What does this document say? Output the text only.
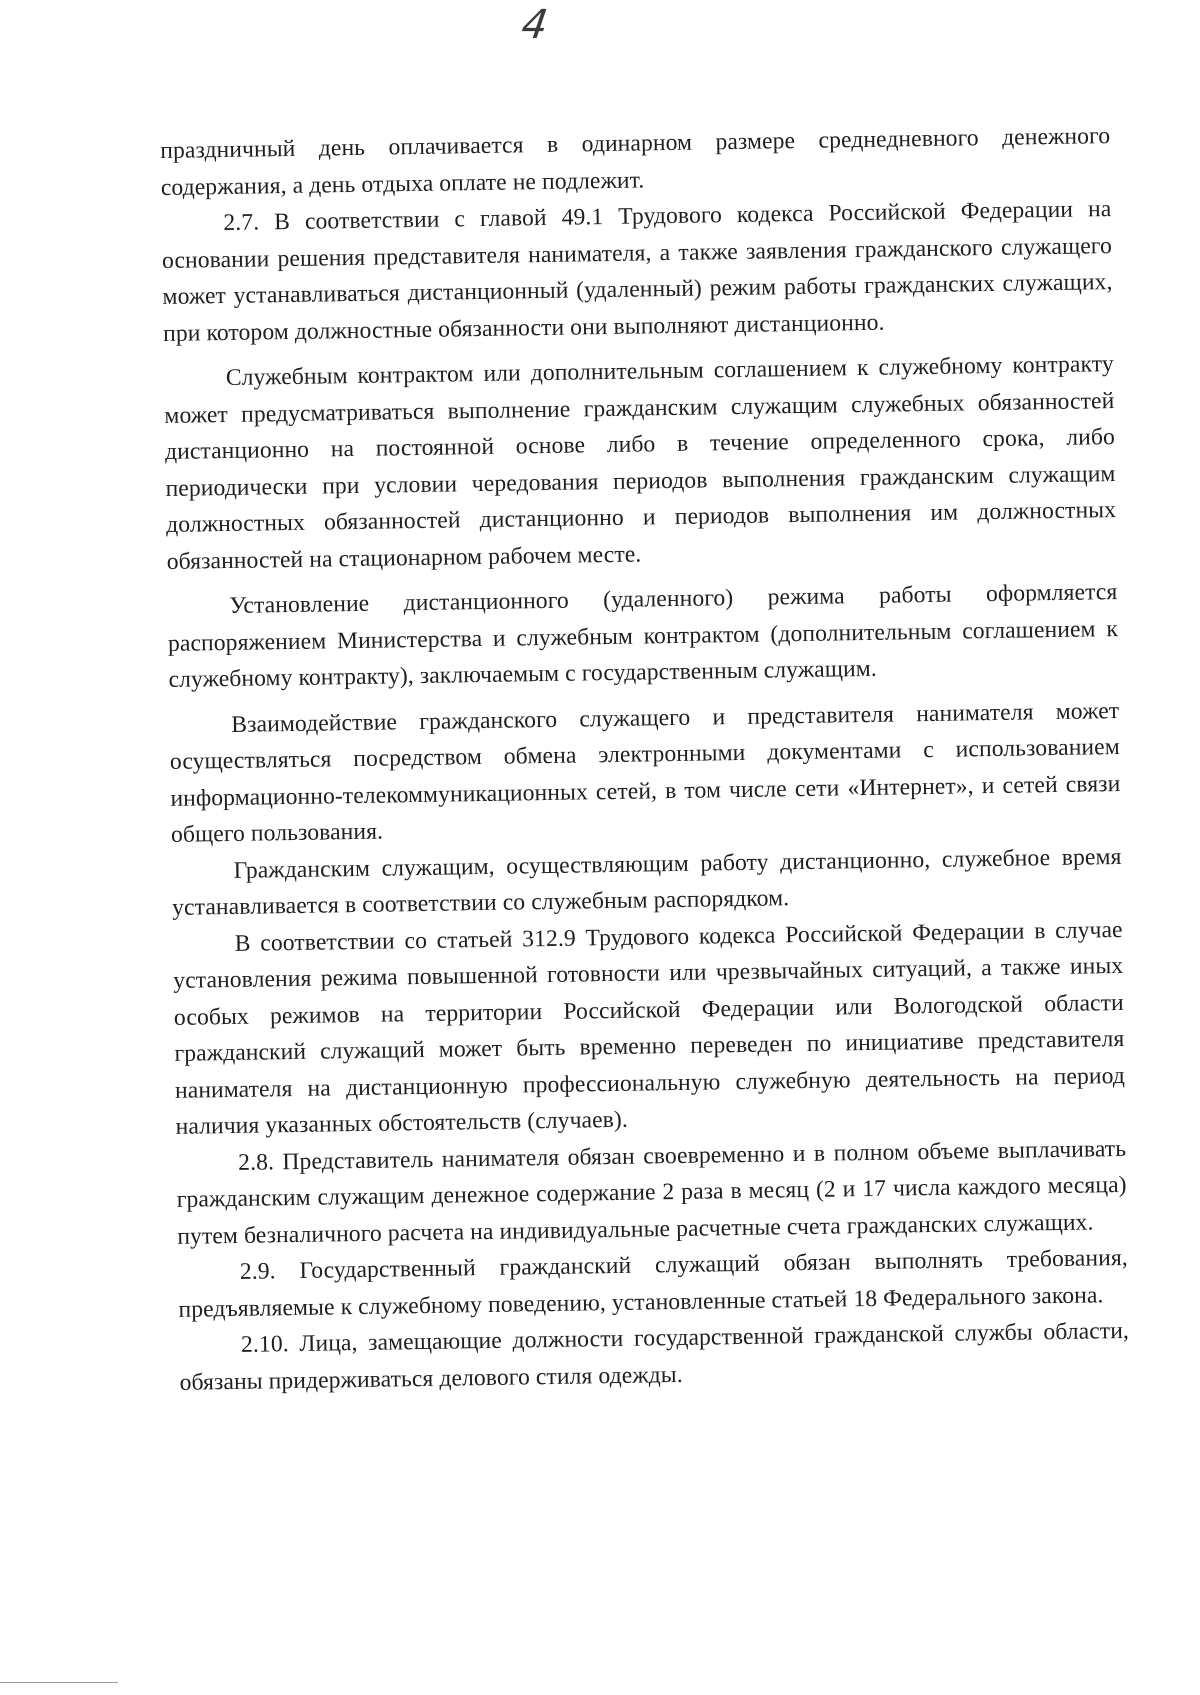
4

праздничный день оплачивается в одинарном размере среднедневного денежного содержания, а день отдыха оплате не подлежит.

2.7. В соответствии с главой 49.1 Трудового кодекса Российской Федерации на основании решения представителя нанимателя, а также заявления гражданского служащего может устанавливаться дистанционный (удаленный) режим работы гражданских служащих, при котором должностные обязанности они выполняют дистанционно.

Служебным контрактом или дополнительным соглашением к служебному контракту может предусматриваться выполнение гражданским служащим служебных обязанностей дистанционно на постоянной основе либо в течение определенного срока, либо периодически при условии чередования периодов выполнения гражданским служащим должностных обязанностей дистанционно и периодов выполнения им должностных обязанностей на стационарном рабочем месте.

Установление дистанционного (удаленного) режима работы оформляется распоряжением Министерства и служебным контрактом (дополнительным соглашением к служебному контракту), заключаемым с государственным служащим.

Взаимодействие гражданского служащего и представителя нанимателя может осуществляться посредством обмена электронными документами с использованием информационно-телекоммуникационных сетей, в том числе сети «Интернет», и сетей связи общего пользования.

Гражданским служащим, осуществляющим работу дистанционно, служебное время устанавливается в соответствии со служебным распорядком.

В соответствии со статьей 312.9 Трудового кодекса Российской Федерации в случае установления режима повышенной готовности или чрезвычайных ситуаций, а также иных особых режимов на территории Российской Федерации или Вологодской области гражданский служащий может быть временно переведен по инициативе представителя нанимателя на дистанционную профессиональную служебную деятельность на период наличия указанных обстоятельств (случаев).

2.8. Представитель нанимателя обязан своевременно и в полном объеме выплачивать гражданским служащим денежное содержание 2 раза в месяц (2 и 17 числа каждого месяца) путем безналичного расчета на индивидуальные расчетные счета гражданских служащих.

2.9. Государственный гражданский служащий обязан выполнять требования, предъявляемые к служебному поведению, установленные статьей 18 Федерального закона.

2.10. Лица, замещающие должности государственной гражданской службы области, обязаны придерживаться делового стиля одежды.
